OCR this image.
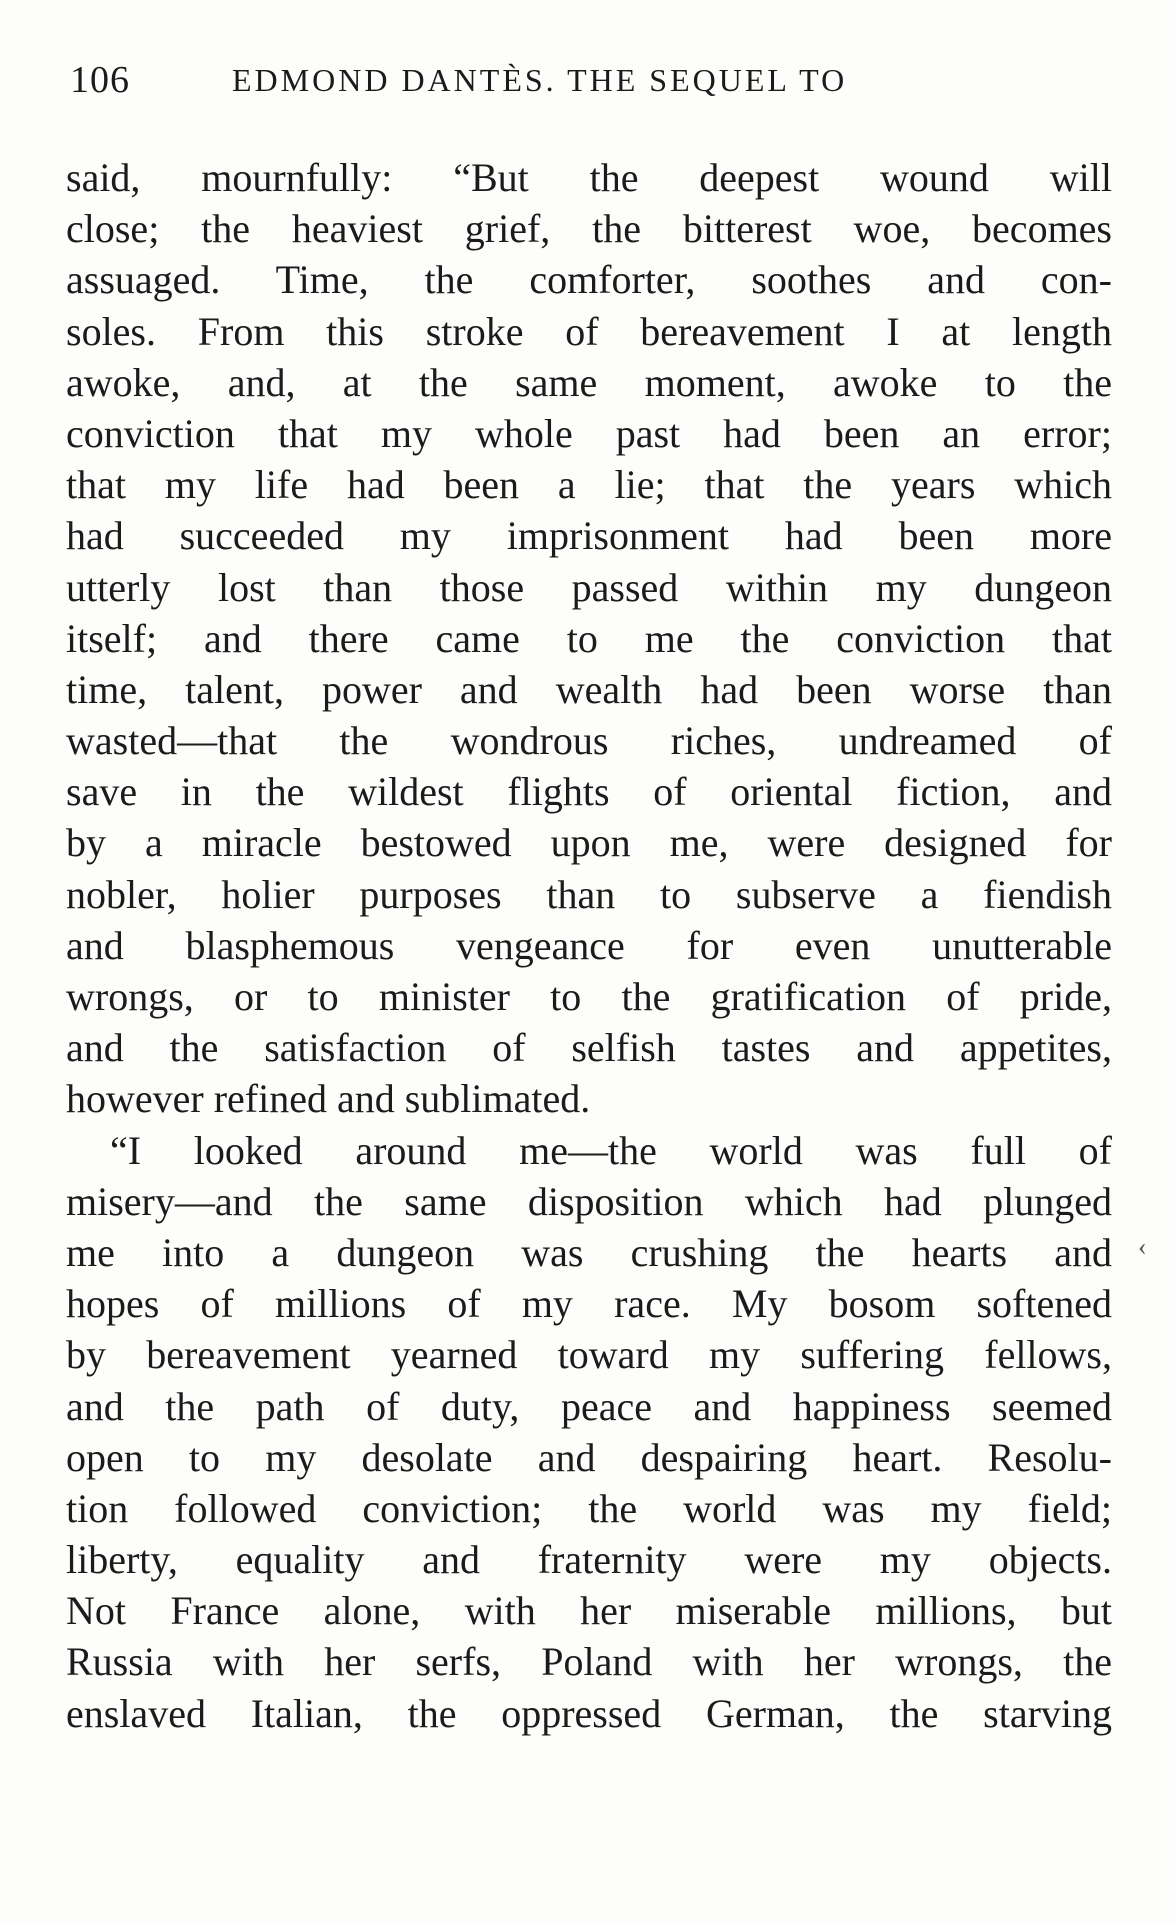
106	EDMOND DANTÈS. THE SEQUEL TO
said, mournfully: “But the deepest wound will
close; the heaviest grief, the bitterest woe, becomes
assuaged. Time, the comforter, soothes and con-
soles. From this stroke of bereavement I at length
awoke, and, at the same moment, awoke to the
conviction that my whole past had been an error;
that my life had been a lie; that the years which
had succeeded my imprisonment had been more
utterly lost than those passed within my dungeon
itself; and there came to me the conviction that
time, talent, power and wealth had been worse than
wasted—that the wondrous riches, undreamed of
save in the wildest flights of oriental fiction, and
by a miracle bestowed upon me, were designed for
nobler, holier purposes than to subserve a fiendish
and blasphemous vengeance for even unutterable
wrongs, or to minister to the gratification of pride,
and the satisfaction of selfish tastes and appetites,
however refined and sublimated.
“I looked around me—the world was full of
misery—and the same disposition which had plunged
me into a dungeon was crushing the hearts and
hopes of millions of my race. My bosom softened
by bereavement yearned toward my suffering fellows,
and the path of duty, peace and happiness seemed
open to my desolate and despairing heart. Resolu-
tion followed conviction; the world was my field;
liberty, equality and fraternity were my objects.
Not France alone, with her miserable millions, but
Russia with her serfs, Poland with her wrongs, the
enslaved Italian, the oppressed German, the starving
‹
